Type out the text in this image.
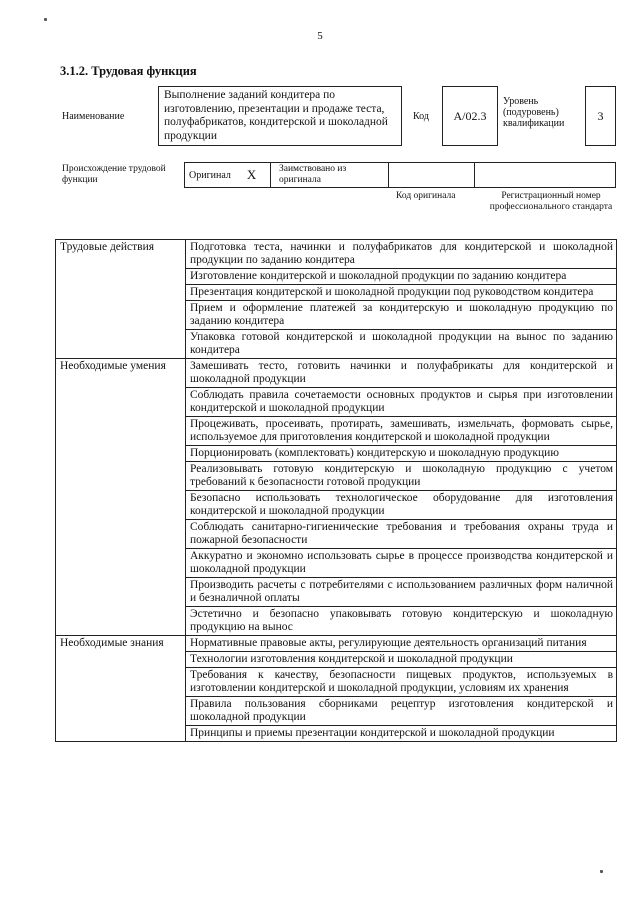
5
3.1.2. Трудовая функция
Наименование
Выполнение заданий кондитера по изготовлению, презентации и продаже теста, полуфабрикатов, кондитерской и шоколадной продукции
Код	А/02.3
Уровень (подуровень) квалификации
3
Происхождение трудовой функции	Оригинал X	Заимствовано из оригинала
Код оригинала	Регистрационный номер профессионального стандарта
Трудовые действия	Подготовка теста, начинки и полуфабрикатов для кондитерской и шоколадной продукции по заданию кондитера
	Изготовление кондитерской и шоколадной продукции по заданию кондитера
	Презентация кондитерской и шоколадной продукции под руководством кондитера
	Прием и оформление платежей за кондитерскую и шоколадную продукцию по заданию кондитера
	Упаковка готовой кондитерской и шоколадной продукции на вынос по заданию кондитера
Необходимые умения	Замешивать тесто, готовить начинки и полуфабрикаты для кондитерской и шоколадной продукции
	Соблюдать правила сочетаемости основных продуктов и сырья при изготовлении кондитерской и шоколадной продукции
	Процеживать, просеивать, протирать, замешивать, измельчать, формовать сырье, используемое для приготовления кондитерской и шоколадной продукции
	Порционировать (комплектовать) кондитерскую и шоколадную продукцию
	Реализовывать готовую кондитерскую и шоколадную продукцию с учетом требований к безопасности готовой продукции
	Безопасно использовать технологическое оборудование для изготовления кондитерской и шоколадной продукции
	Соблюдать санитарно-гигиенические требования и требования охраны труда и пожарной безопасности
	Аккуратно и экономно использовать сырье в процессе производства кондитерской и шоколадной продукции
	Производить расчеты с потребителями с использованием различных форм наличной и безналичной оплаты
	Эстетично и безопасно упаковывать готовую кондитерскую и шоколадную продукцию на вынос
Необходимые знания	Нормативные правовые акты, регулирующие деятельность организаций питания
	Технологии изготовления кондитерской и шоколадной продукции
	Требования к качеству, безопасности пищевых продуктов, используемых в изготовлении кондитерской и шоколадной продукции, условиям их хранения
	Правила пользования сборниками рецептур изготовления кондитерской и шоколадной продукции
	Принципы и приемы презентации кондитерской и шоколадной продукции
